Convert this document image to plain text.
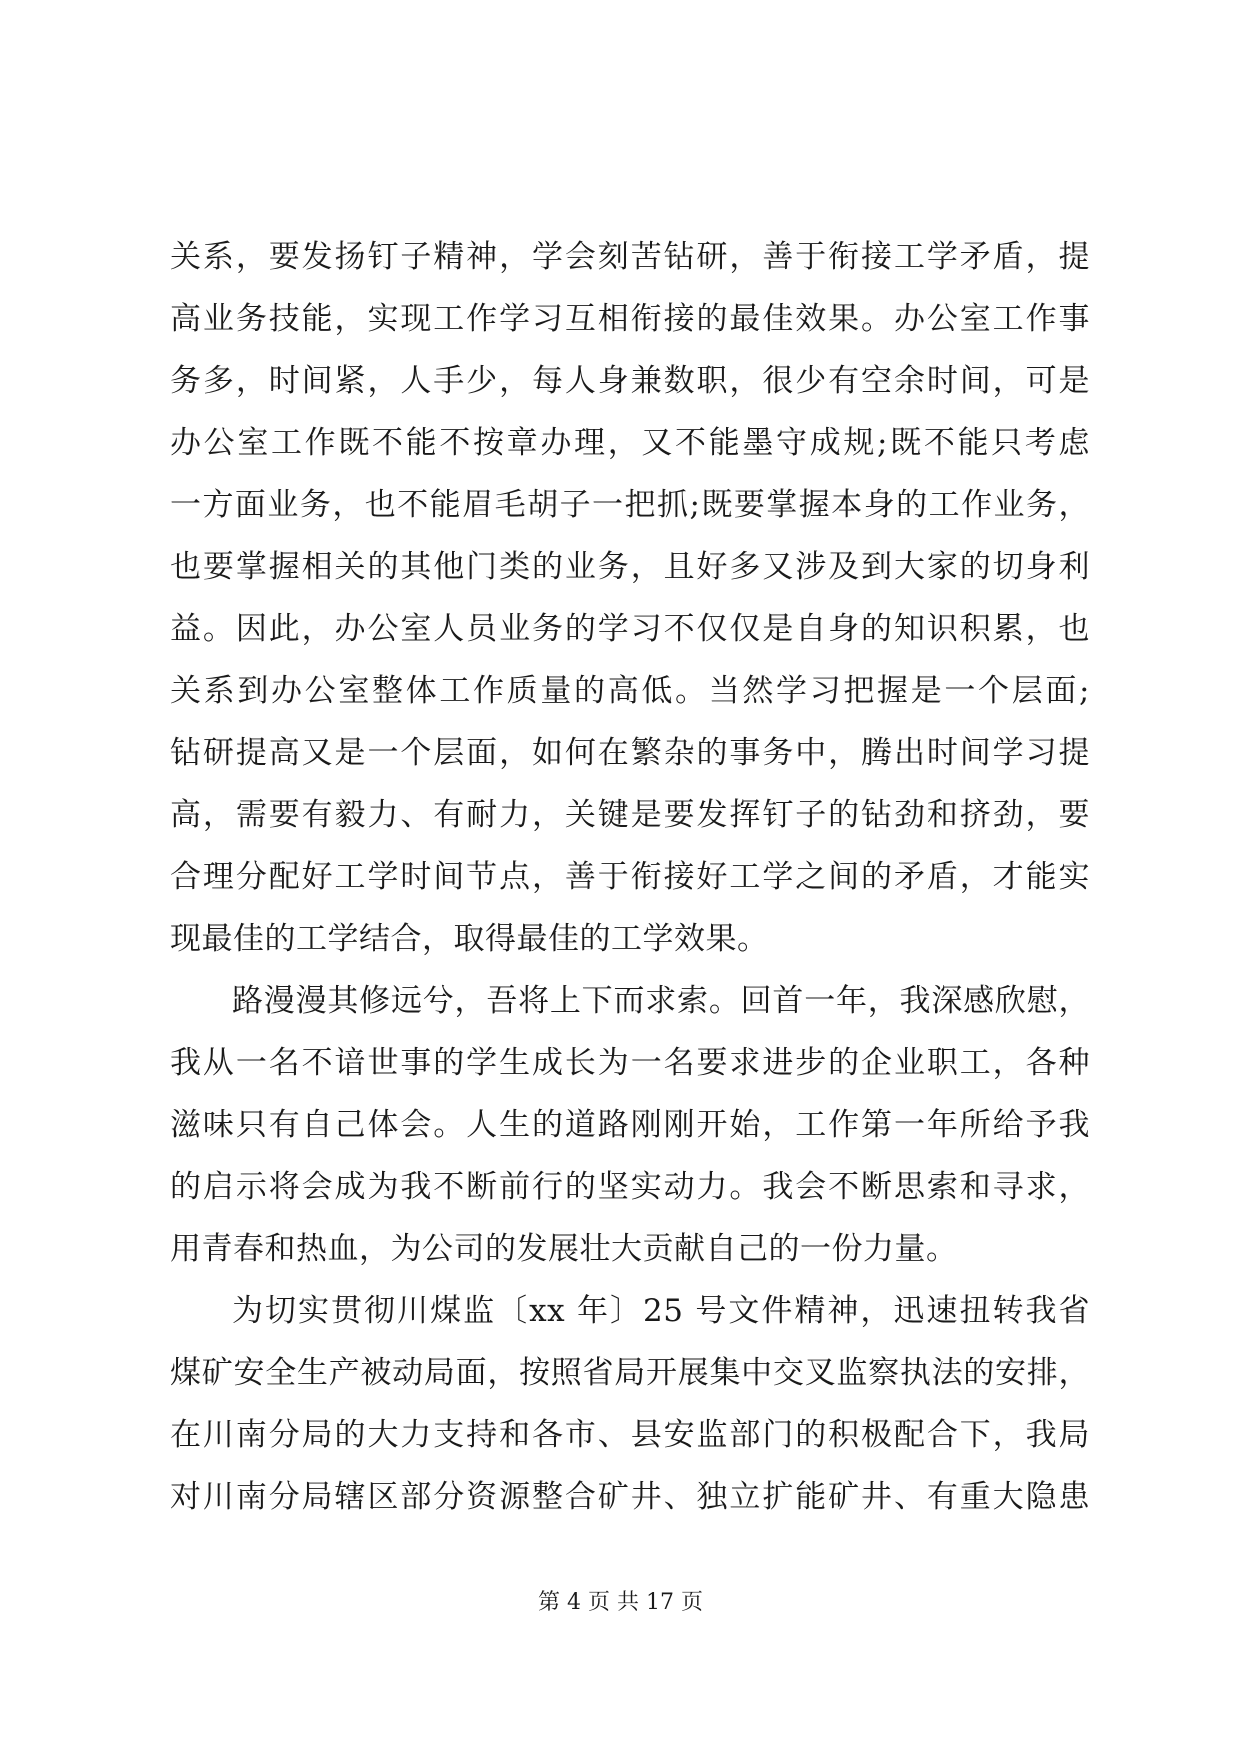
关系，要发扬钉子精神，学会刻苦钻研，善于衔接工学矛盾，提
高业务技能，实现工作学习互相衔接的最佳效果。办公室工作事
务多，时间紧，人手少，每人身兼数职，很少有空余时间，可是
办公室工作既不能不按章办理，又不能墨守成规;既不能只考虑
一方面业务，也不能眉毛胡子一把抓;既要掌握本身的工作业务，
也要掌握相关的其他门类的业务，且好多又涉及到大家的切身利
益。因此，办公室人员业务的学习不仅仅是自身的知识积累，也
关系到办公室整体工作质量的高低。当然学习把握是一个层面;
钻研提高又是一个层面，如何在繁杂的事务中，腾出时间学习提
高，需要有毅力、有耐力，关键是要发挥钉子的钻劲和挤劲，要
合理分配好工学时间节点，善于衔接好工学之间的矛盾，才能实
现最佳的工学结合，取得最佳的工学效果。
路漫漫其修远兮，吾将上下而求索。回首一年，我深感欣慰，
我从一名不谙世事的学生成长为一名要求进步的企业职工，各种
滋味只有自己体会。人生的道路刚刚开始，工作第一年所给予我
的启示将会成为我不断前行的坚实动力。我会不断思索和寻求，
用青春和热血，为公司的发展壮大贡献自己的一份力量。
为切实贯彻川煤监〔xx 年〕25 号文件精神，迅速扭转我省
煤矿安全生产被动局面，按照省局开展集中交叉监察执法的安排，
在川南分局的大力支持和各市、县安监部门的积极配合下，我局
对川南分局辖区部分资源整合矿井、独立扩能矿井、有重大隐患
第 4 页 共 17 页
